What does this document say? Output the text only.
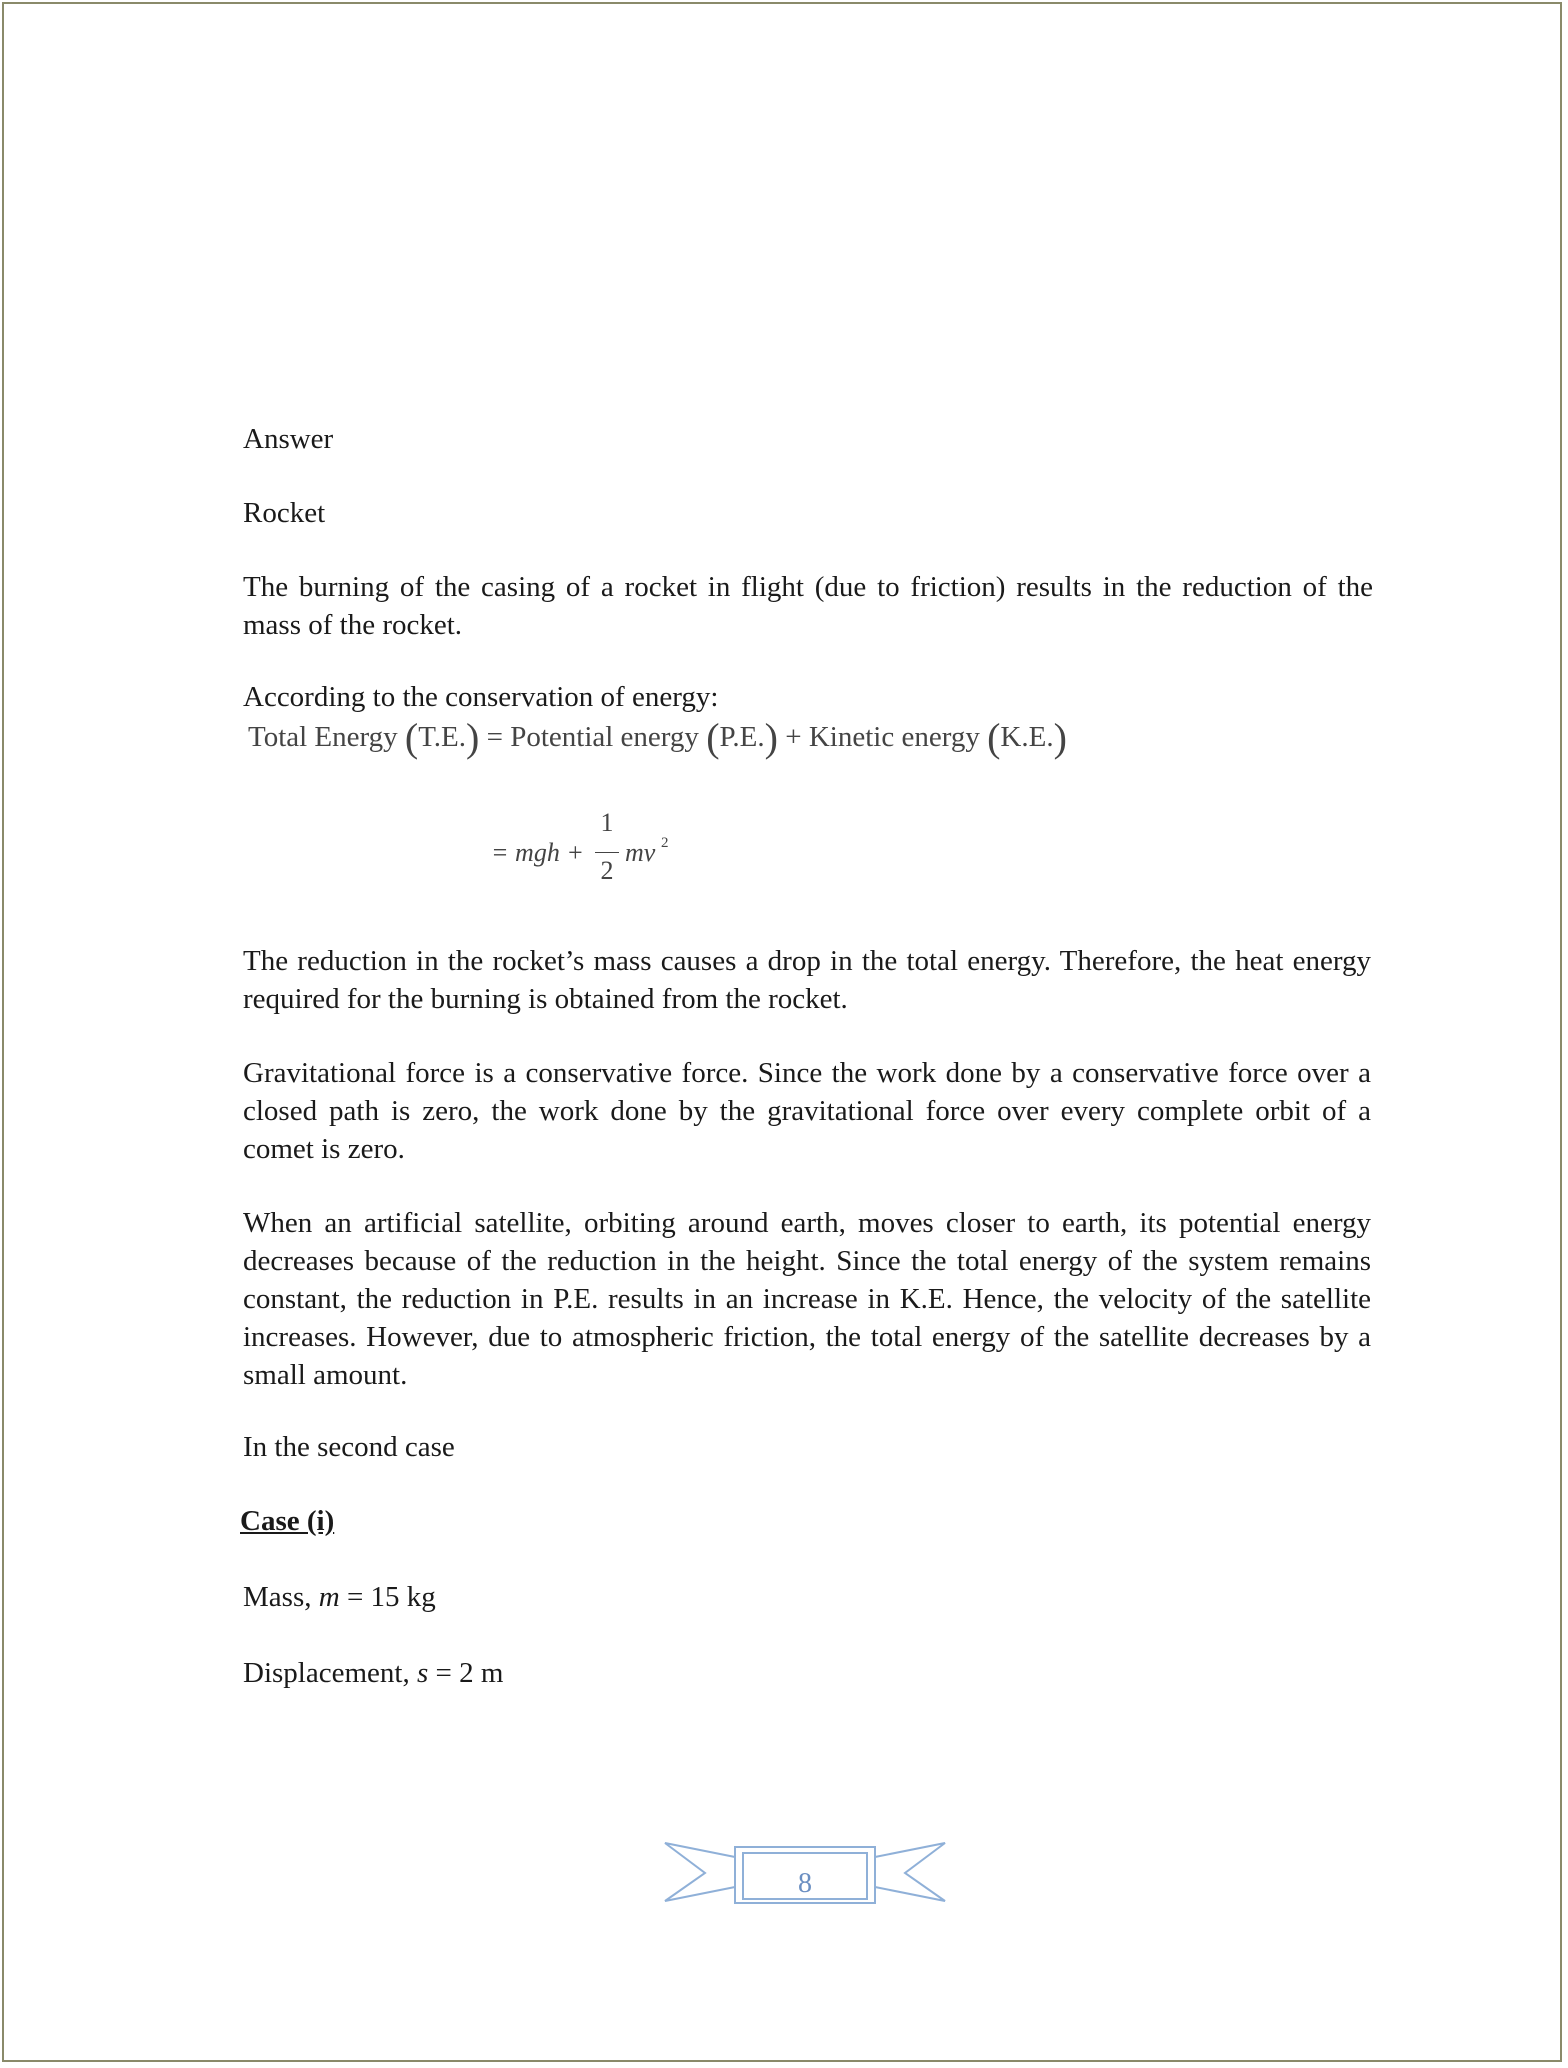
Answer

Rocket

The burning of the casing of a rocket in flight (due to friction) results in the reduction of the mass of the rocket.

According to the conservation of energy:

Total Energy (T.E.) = Potential energy (P.E.) + Kinetic energy (K.E.)
= mgh +
1
2
mv 2

The reduction in the rocket’s mass causes a drop in the total energy. Therefore, the heat energy required for the burning is obtained from the rocket.

Gravitational force is a conservative force. Since the work done by a conservative force over a closed path is zero, the work done by the gravitational force over every complete orbit of a comet is zero.

When an artificial satellite, orbiting around earth, moves closer to earth, its potential energy decreases because of the reduction in the height. Since the total energy of the system remains constant, the reduction in P.E. results in an increase in K.E. Hence, the velocity of the satellite increases. However, due to atmospheric friction, the total energy of the satellite decreases by a small amount.

In the second case

Case (i)

Mass, m = 15 kg

Displacement, s = 2 m

8
